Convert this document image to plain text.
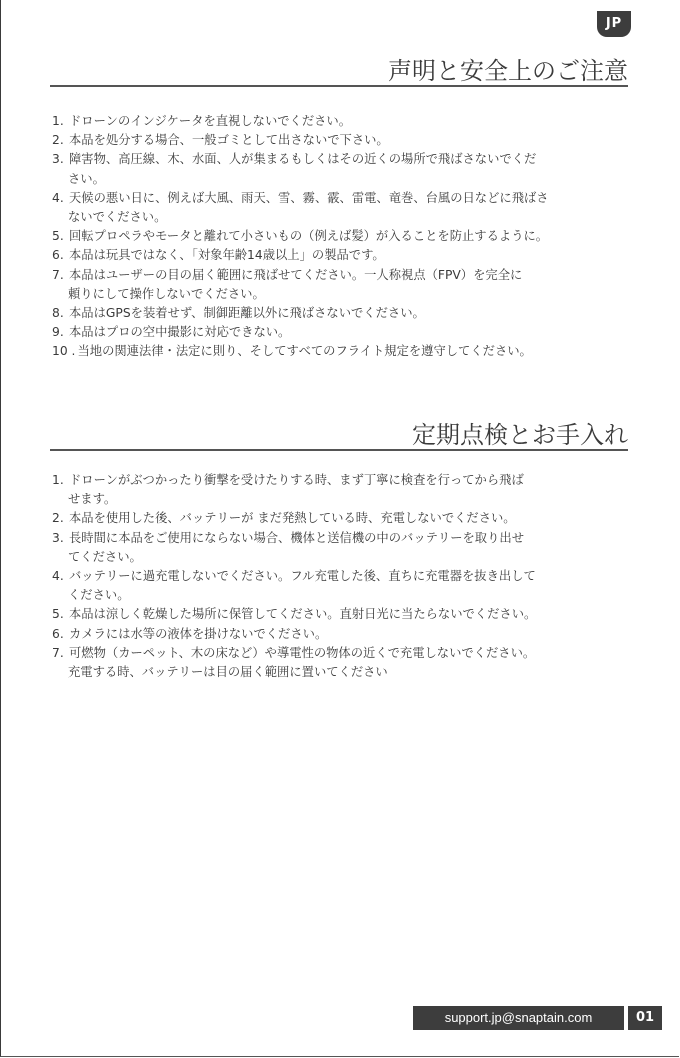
JP
声明と安全上のご注意
1. ドローンのインジケータを直視しないでください。
2. 本品を処分する場合、一般ゴミとして出さないで下さい。
3. 障害物、高圧線、木、水面、人が集まるもしくはその近くの場所で飛ばさないでくだ
さい。
4. 天候の悪い日に、例えば大風、雨天、雪、霧、霰、雷電、竜巻、台風の日などに飛ばさ
ないでください。
5. 回転プロペラやモータと離れて小さいもの（例えば髪）が入ることを防止するように。
6. 本品は玩具ではなく、「対象年齢14歳以上」の製品です。
7. 本品はユーザーの目の届く範囲に飛ばせてください。一人称視点（FPV）を完全に
頼りにして操作しないでください。
8. 本品はGPSを装着せず、制御距離以外に飛ばさないでください。
9. 本品はプロの空中撮影に対応できない。
10 . 当地の関連法律・法定に則り、そしてすべてのフライト規定を遵守してください。
定期点検とお手入れ
1. ドローンがぶつかったり衝撃を受けたりする時、まず丁寧に検査を行ってから飛ば
せます。
2. 本品を使用した後、バッテリーが まだ発熱している時、充電しないでください。
3. 長時間に本品をご使用にならない場合、機体と送信機の中のバッテリーを取り出せ
てください。
4. バッテリーに過充電しないでください。フル充電した後、直ちに充電器を抜き出して
ください。
5. 本品は涼しく乾燥した場所に保管してください。直射日光に当たらないでください。
6. カメラには水等の液体を掛けないでください。
7. 可燃物（カーペット、木の床など）や導電性の物体の近くで充電しないでください。
充電する時、バッテリーは目の届く範囲に置いてください
support.jp@snaptain.com	01
